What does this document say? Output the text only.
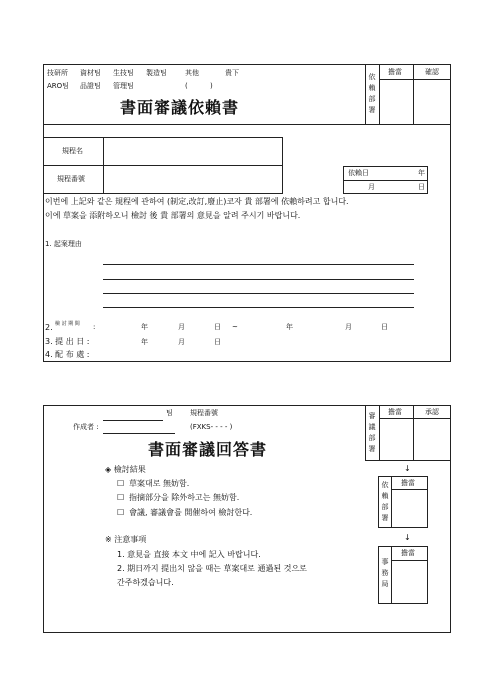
技研所 資材팀 生技팀 製造팀	其他	貴下
ARO팀 品證팀 管理팀	(	)
書面審議依賴書
依賴部署
擔當	確認
規程名
規程番號
依賴日	年
月	日
이번에 上記와 같은 規程에 관하여 (制定,改訂,廢止)코자 貴 部署에 依賴하려고 합니다.
이에 草案을 添附하오니 檢討 後 貴 部署의 意見을 알려 주시기 바랍니다.
1. 起案理由
2. 檢 討 期 間	:	年	月	日 ~	年	月	日
3. 提 出 日 :	年	月	日
4. 配 布 處 :
팀 規程番號
作成者 :	(FXKS- - - - )
書面審議回答書
審議部署
擔當	承認
↓
◈ 檢討結果
☐ 草案대로 無妨함.
☐ 指摘部分을 除外하고는 無妨함.
☐ 會議, 審議會를 開催하여 檢討한다.
依賴部署
擔當
↓
※ 注意事項
1. 意見을 直接 本文 中에 記入 바랍니다.
2. 期日까지 提出치 않을 때는 草案대로 通過된 것으로
간주하겠습니다.
事務局
擔當
